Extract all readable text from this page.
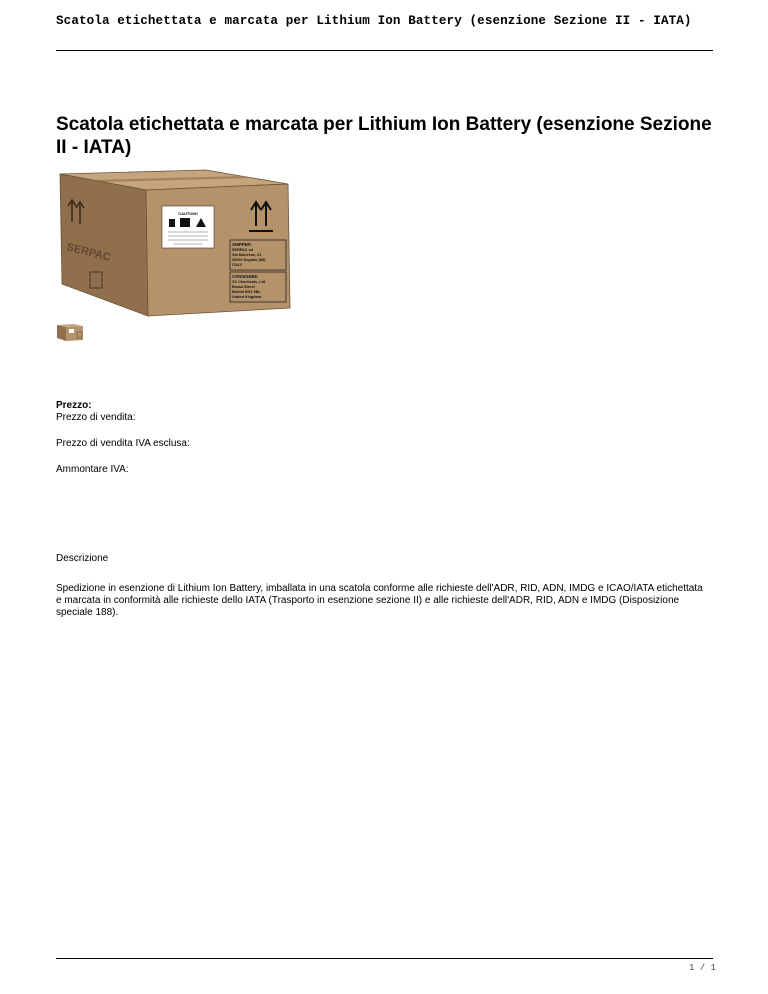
Scatola etichettata e marcata per Lithium Ion Battery (esenzione Sezione II - IATA)
Scatola etichettata e marcata per Lithium Ion Battery (esenzione Sezione II - IATA)
SERPAC
CAUTION!
SHIPPER:
SERPAC srl
Via Monvese, 21
20060 Segrate (MI)
ITALY
CONSIGNEE:
XX Chemicals, Ltd
Broad Street
Bristol BS1 9BL
United Kingdom

Prezzo:

Prezzo di vendita:

Prezzo di vendita IVA esclusa:

Ammontare IVA:

Descrizione

Spedizione in esenzione di Lithium Ion Battery, imballata in una scatola conforme alle richieste dell'ADR, RID, ADN, IMDG e ICAO/IATA etichettata e marcata in conformità alle richieste dello IATA (Trasporto in esenzione sezione II) e alle richieste dell'ADR, RID, ADN e IMDG (Disposizione speciale 188).

1 / 1
